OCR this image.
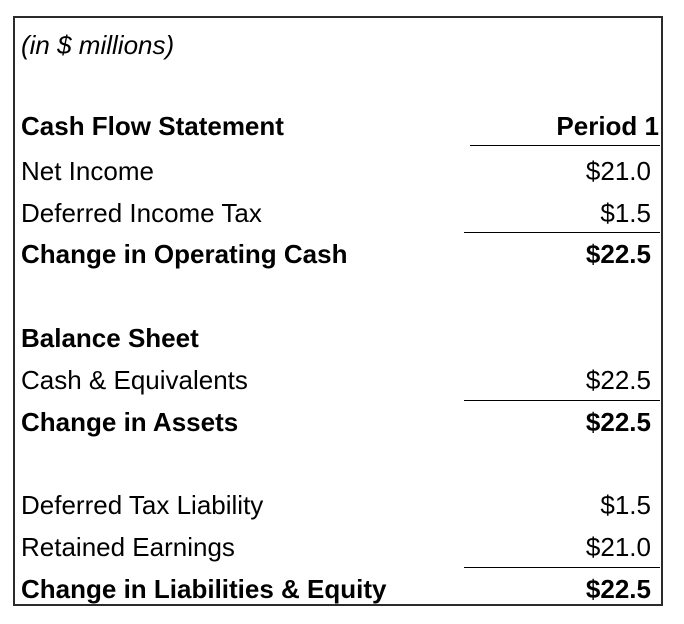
(in $ millions)
Cash Flow Statement	Period 1
Net Income	$21.0
Deferred Income Tax	$1.5
Change in Operating Cash	$22.5
Balance Sheet
Cash & Equivalents	$22.5
Change in Assets	$22.5
Deferred Tax Liability	$1.5
Retained Earnings	$21.0
Change in Liabilities & Equity	$22.5
